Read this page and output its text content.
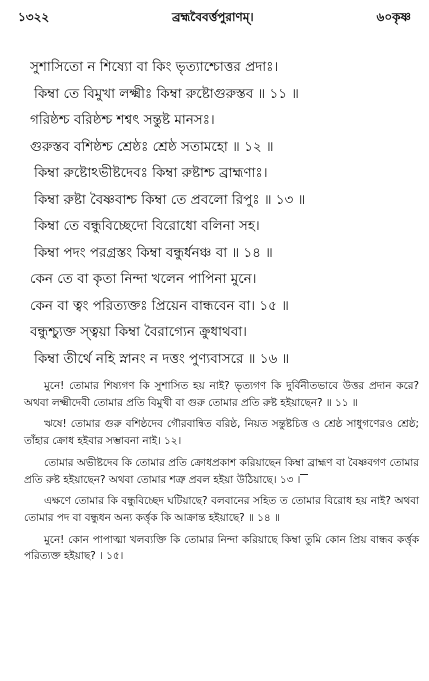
১৩২২	ব্রহ্মবৈবর্ত্তপুরাণম্।	৬০কৃষ্ণ
সুশাসিতো ন শিষ্যো বা কিং ভৃত্যাশ্চোত্তর প্রদাঃ।
কিম্বা তে বিমুখা লক্ষ্মীঃ কিম্বা রুষ্টোগুরুস্তব ॥ ১১ ॥
গরিষ্ঠশ্চ বরিষ্ঠশ্চ শশ্বৎ সন্তুষ্ট মানসঃ।
গুরুস্তব বশিষ্ঠশ্চ শ্রেষ্ঠঃ শ্রেষ্ঠ সতামহো ॥ ১২ ॥
কিম্বা রুষ্টোঽভীষ্টদেবঃ কিম্বা রুষ্টাশ্চ ব্রাহ্মণাঃ।
কিম্বা রুষ্টা বৈষ্ণবাশ্চ কিম্বা তে প্রবলো রিপুঃ ॥ ১৩ ॥
কিম্বা তে বন্ধুবিচ্ছেদো বিরোধো বলিনা সহ।
কিম্বা পদং পরগ্রস্তং কিম্বা বন্ধুর্ধনঞ্চ বা ॥ ১৪ ॥
কেন তে বা কৃতা নিন্দা খলেন পাপিনা মুনে।
কেন বা ত্বং পরিত্যক্তঃ প্রিয়েন বান্ধবেন বা। ১৫ ॥
বন্ধুশ্চ্যুক্ত স্ত্বয়া কিম্বা বৈরাগ্যেন ক্রুধাথবা।
কিম্বা তীর্থে নহি স্নানং ন দত্তং পুণ্যবাসরে ॥ ১৬ ॥

মুনে! তোমার শিষ্যগণ কি সুশাসিত হয় নাই? ভৃত্যগণ কি দুর্বিনীতভাবে উত্তর প্রদান করে? অথবা লক্ষ্মীদেবী তোমার প্রতি বিমুখী বা গুরু তোমার প্রতি রুষ্ট হইয়াছেন? ॥ ১১ ॥

ঋষে! তোমার গুরু বশিষ্ঠদেব গৌরবান্বিত বরিষ্ঠ, নিয়ত সন্তুষ্টচিত্ত ও শ্রেষ্ঠ সাধুগণেরও শ্রেষ্ঠ; তাঁহার ক্রোধ হইবার সম্ভাবনা নাই। ১২।

তোমার অভীষ্টদেব কি তোমার প্রতি ক্রোধপ্রকাশ করিয়াছেন কিম্বা ব্রাহ্মণ বা বৈষ্ণবগণ তোমার প্রতি রুষ্ট হইয়াছেন? অথবা তোমার শত্রু প্রবল হইয়া উঠিয়াছে। ১৩ ।

এক্ষণে তোমার কি বন্ধুবিচ্ছেদ ঘটিয়াছে? বলবানের সহিত ত তোমার বিরোধ হয় নাই? অথবা তোমার পদ বা বন্ধুধন অন্য কর্ত্তৃক কি আক্রান্ত হইয়াছে? ॥ ১৪ ॥

মুনে! কোন পাপাত্মা খলব্যক্তি কি তোমার নিন্দা করিয়াছে কিম্বা তুমি কোন প্রিয় বান্ধব কর্ত্তৃক পরিত্যক্ত হইয়াছ? । ১৫।
